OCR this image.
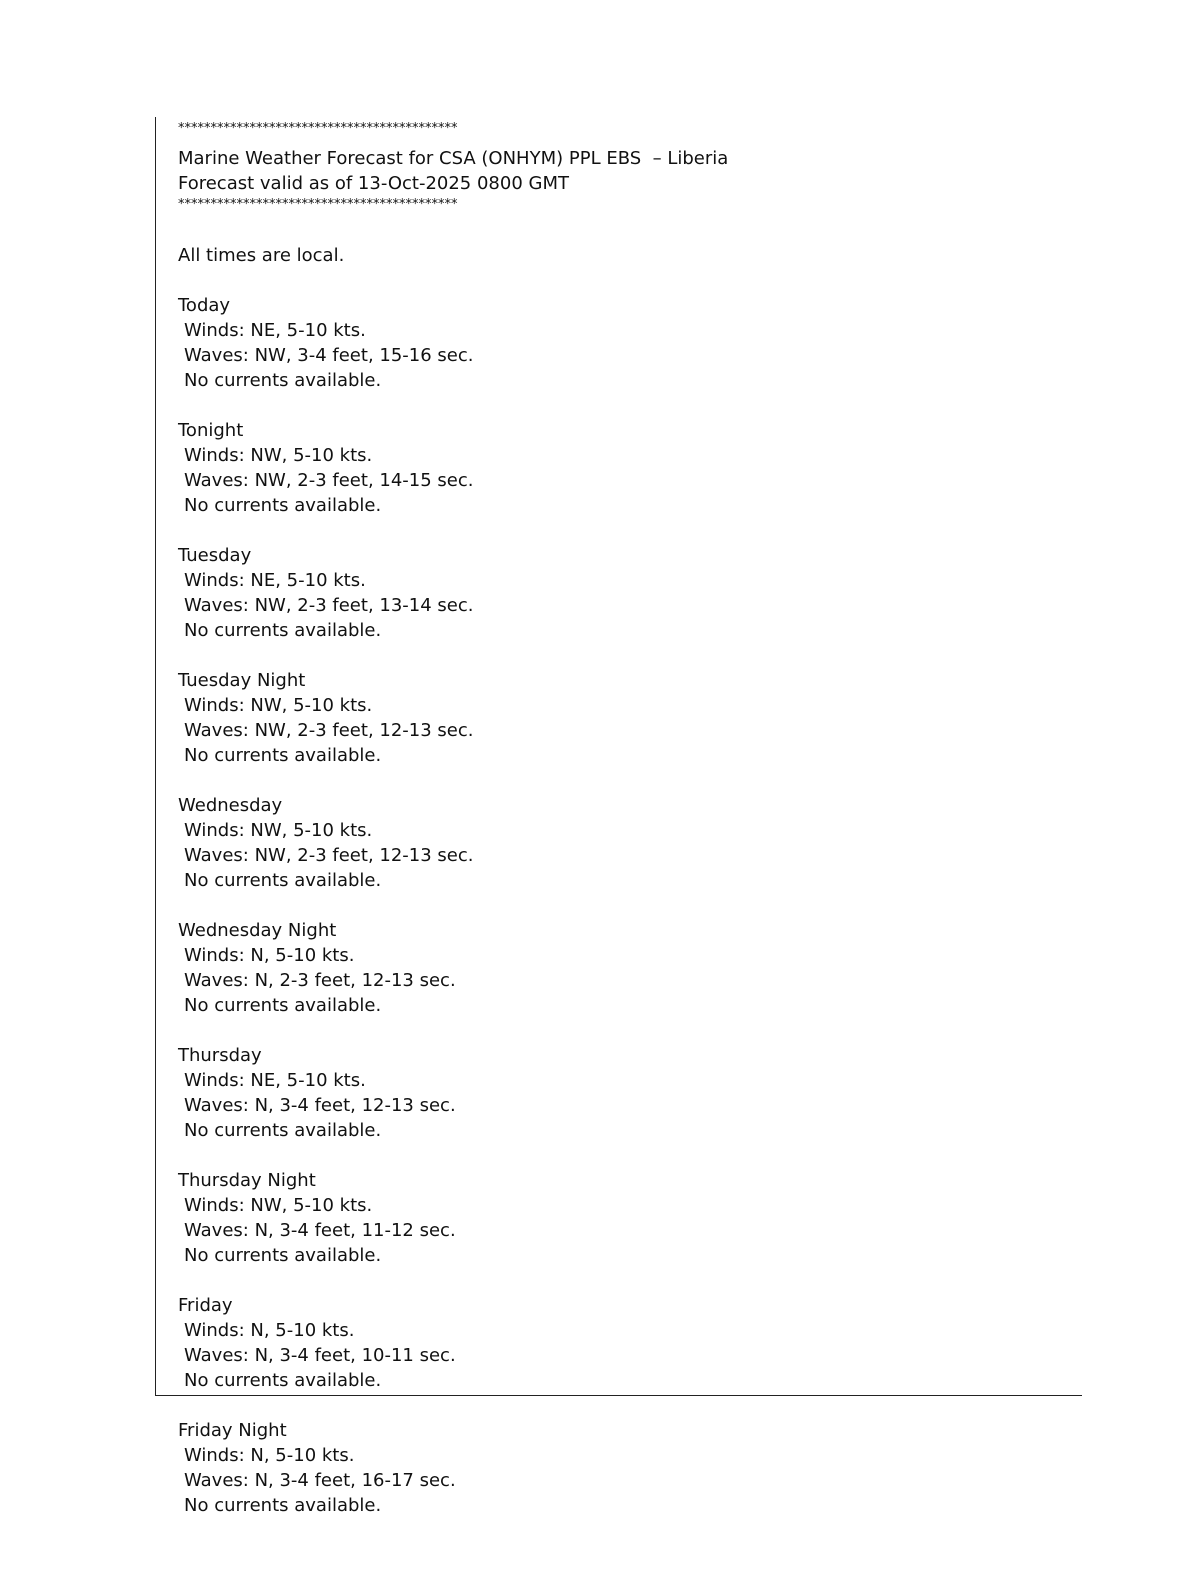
*******************************************
Marine Weather Forecast for CSA (ONHYM) PPL EBS  – Liberia
Forecast valid as of 13-Oct-2025 0800 GMT
*******************************************
All times are local.
Today
Winds: NE, 5-10 kts.
Waves: NW, 3-4 feet, 15-16 sec.
No currents available.
Tonight
Winds: NW, 5-10 kts.
Waves: NW, 2-3 feet, 14-15 sec.
No currents available.
Tuesday
Winds: NE, 5-10 kts.
Waves: NW, 2-3 feet, 13-14 sec.
No currents available.
Tuesday Night
Winds: NW, 5-10 kts.
Waves: NW, 2-3 feet, 12-13 sec.
No currents available.
Wednesday
Winds: NW, 5-10 kts.
Waves: NW, 2-3 feet, 12-13 sec.
No currents available.
Wednesday Night
Winds: N, 5-10 kts.
Waves: N, 2-3 feet, 12-13 sec.
No currents available.
Thursday
Winds: NE, 5-10 kts.
Waves: N, 3-4 feet, 12-13 sec.
No currents available.
Thursday Night
Winds: NW, 5-10 kts.
Waves: N, 3-4 feet, 11-12 sec.
No currents available.
Friday
Winds: N, 5-10 kts.
Waves: N, 3-4 feet, 10-11 sec.
No currents available.
Friday Night
Winds: N, 5-10 kts.
Waves: N, 3-4 feet, 16-17 sec.
No currents available.
